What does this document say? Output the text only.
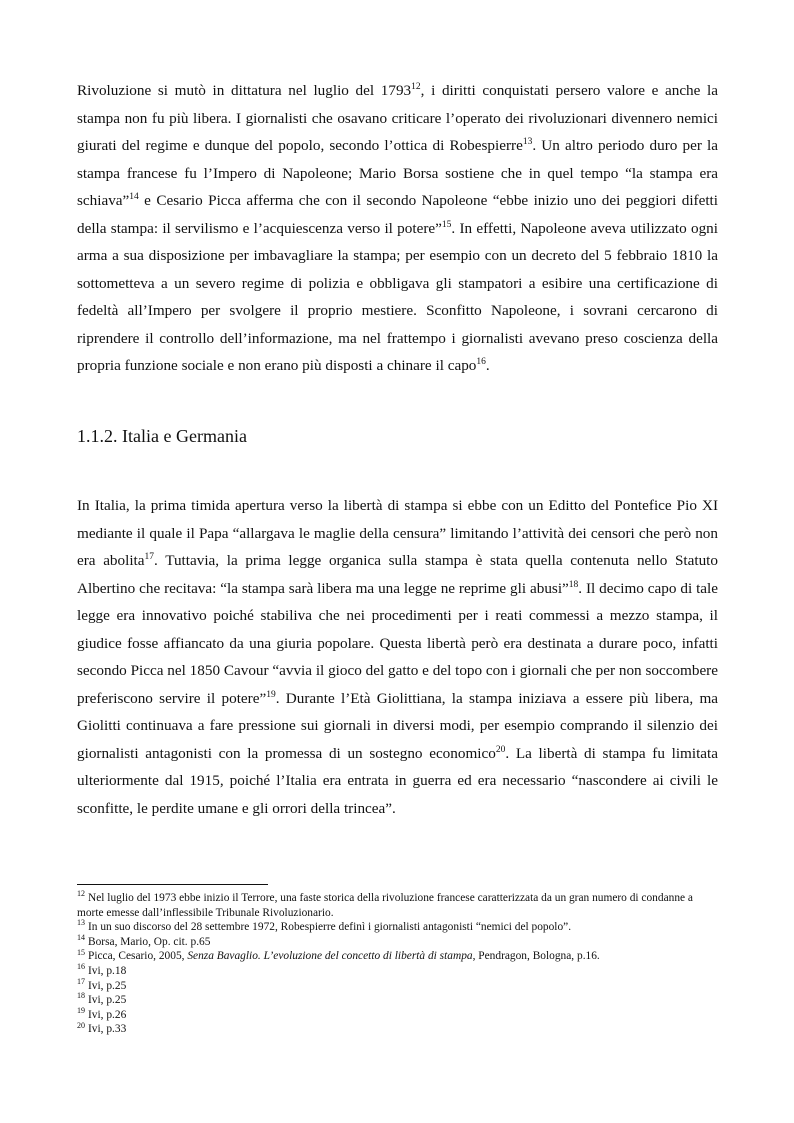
Rivoluzione si mutò in dittatura nel luglio del 1793$^{12}$, i diritti conquistati persero valore e anche la stampa non fu più libera. I giornalisti che osavano criticare l’operato dei rivoluzionari divennero nemici giurati del regime e dunque del popolo, secondo l’ottica di Robespierre$^{13}$. Un altro periodo duro per la stampa francese fu l’Impero di Napoleone; Mario Borsa sostiene che in quel tempo “la stampa era schiava”$^{14}$ e Cesario Picca afferma che con il secondo Napoleone “ebbe inizio uno dei peggiori difetti della stampa: il servilismo e l’acquiescenza verso il potere”$^{15}$. In effetti, Napoleone aveva utilizzato ogni arma a sua disposizione per imbavagliare la stampa; per esempio con un decreto del 5 febbraio 1810 la sottometteva a un severo regime di polizia e obbligava gli stampatori a esibire una certificazione di fedeltà all’Impero per svolgere il proprio mestiere. Sconfitto Napoleone, i sovrani cercarono di riprendere il controllo dell’informazione, ma nel frattempo i giornalisti avevano preso coscienza della propria funzione sociale e non erano più disposti a chinare il capo$^{16}$.

1.1.2. Italia e Germania

In Italia, la prima timida apertura verso la libertà di stampa si ebbe con un Editto del Pontefice Pio XI mediante il quale il Papa “allargava le maglie della censura” limitando l’attività dei censori che però non era abolita$^{17}$. Tuttavia, la prima legge organica sulla stampa è stata quella contenuta nello Statuto Albertino che recitava: “la stampa sarà libera ma una legge ne reprime gli abusi”$^{18}$. Il decimo capo di tale legge era innovativo poiché stabiliva che nei procedimenti per i reati commessi a mezzo stampa, il giudice fosse affiancato da una giuria popolare. Questa libertà però era destinata a durare poco, infatti secondo Picca nel 1850 Cavour “avvia il gioco del gatto e del topo con i giornali che per non soccombere preferiscono servire il potere”$^{19}$. Durante l’Età Giolittiana, la stampa iniziava a essere più libera, ma Giolitti continuava a fare pressione sui giornali in diversi modi, per esempio comprando il silenzio dei giornalisti antagonisti con la promessa di un sostegno economico$^{20}$. La libertà di stampa fu limitata ulteriormente dal 1915, poiché l’Italia era entrata in guerra ed era necessario “nascondere ai civili le sconfitte, le perdite umane e gli orrori della trincea”.

$^{12}$ Nel luglio del 1973 ebbe inizio il Terrore, una faste storica della rivoluzione francese caratterizzata da un gran numero di condanne a morte emesse dall’inflessibile Tribunale Rivoluzionario.

$^{13}$ In un suo discorso del 28 settembre 1972, Robespierre definì i giornalisti antagonisti “nemici del popolo”.

$^{14}$ Borsa, Mario, Op. cit. p.65

$^{15}$ Picca, Cesario, 2005, Senza Bavaglio. L’evoluzione del concetto di libertà di stampa, Pendragon, Bologna, p.16.

$^{16}$ Ivi, p.18

$^{17}$ Ivi, p.25

$^{18}$ Ivi, p.25

$^{19}$ Ivi, p.26

$^{20}$ Ivi, p.33
